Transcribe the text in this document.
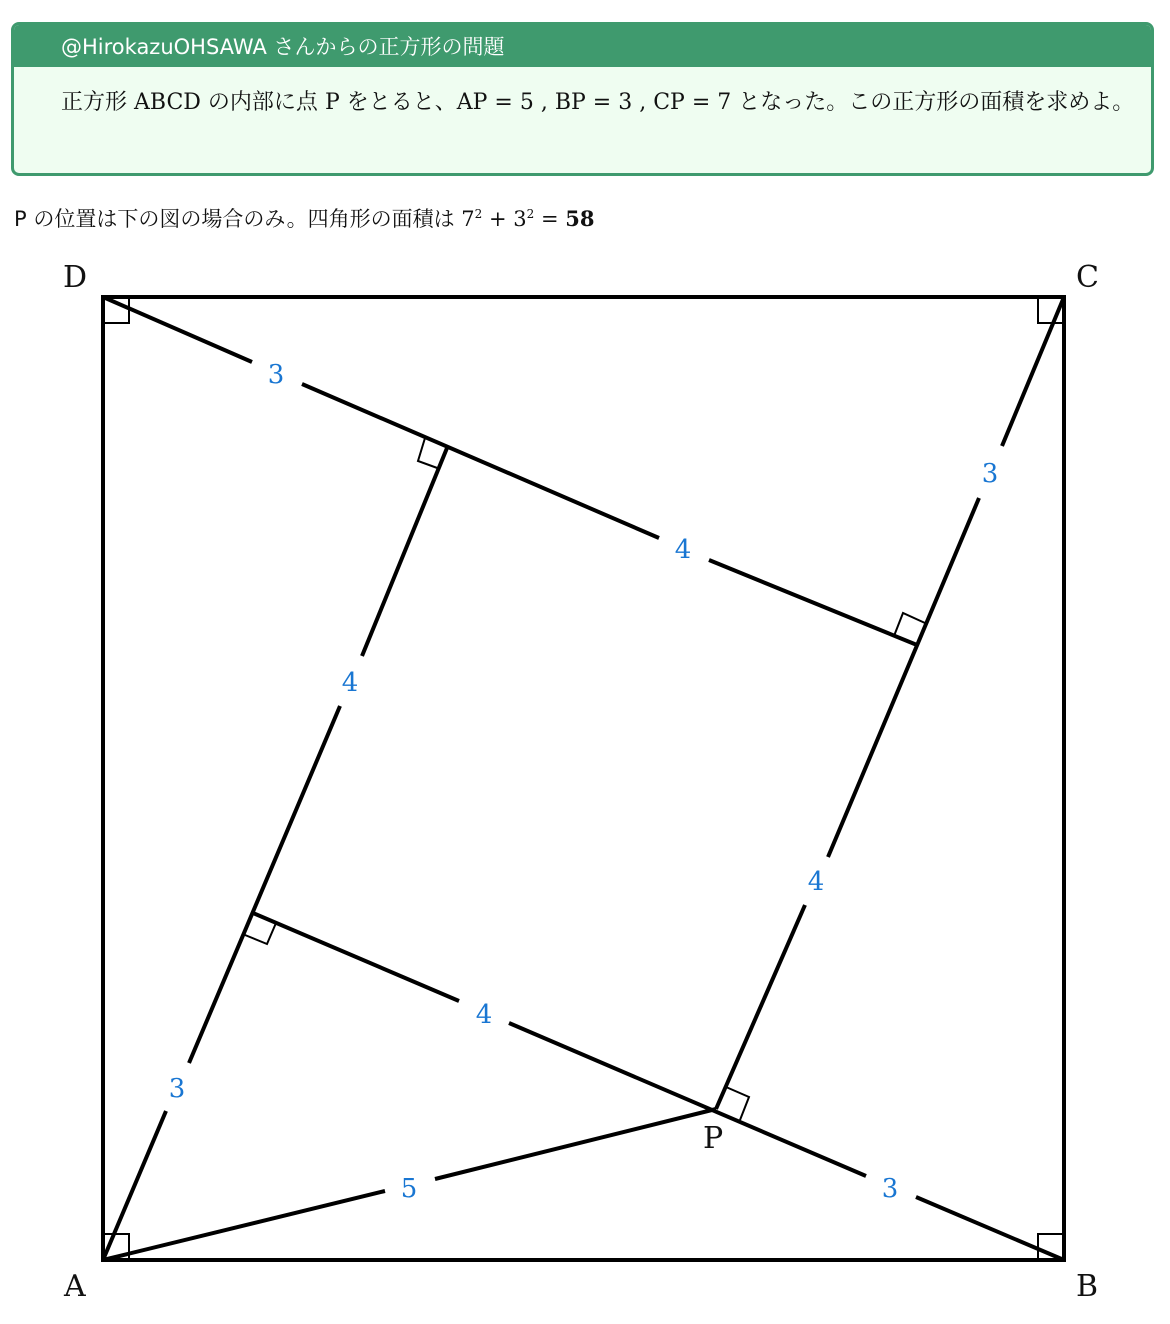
@HirokazuOHSAWA さんからの正方形の問題
正方形 ABCD の内部に点 P をとると、AP = 5 , BP = 3 , CP = 7 となった。この正方形の面積を求めよ。
P の位置は下の図の場合のみ。四角形の面積は $7^2 + 3^2 = 58$
D	C
A	B
P
3
4
3
4
4
4
3
5	3
